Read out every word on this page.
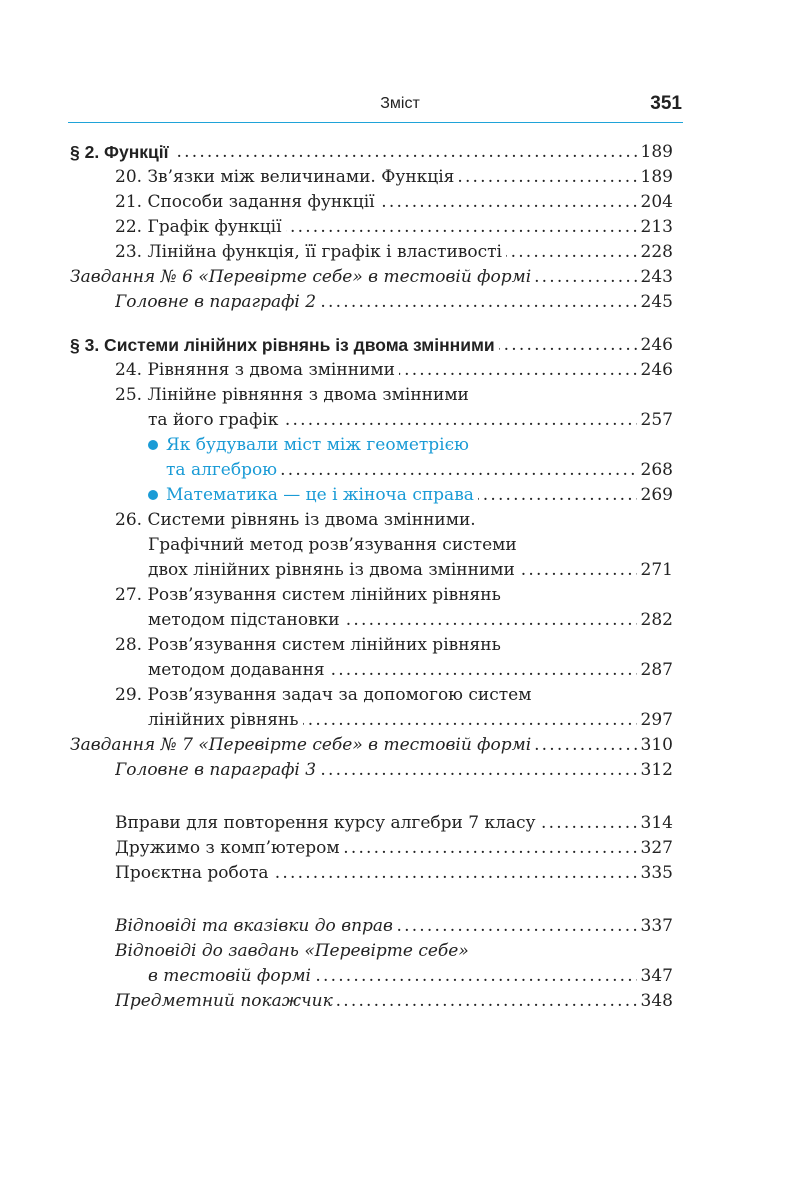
Зміст	351
§ 2. Функції	189
. . .
20. Зв’язки між величинами. Функція	189
. . .
21. Способи задання функції	204
. . .
22. Графік функції	213
. . .
23. Лінійна функція, її графік і властивості	228
. . .
Завдання № 6 «Перевірте себе» в тестовій формі	243
. . .
Головне в параграфі 2	245
. . .
§ 3. Системи лінійних рівнянь із двома змінними	246
. . .
24. Рівняння з двома змінними	246
. . .
25. Лінійне рівняння з двома змінними
та його графік	257
. . .
Як будували міст між геометрією
та алгеброю	268
. . .
Математика — це і жіноча справа	269
. . .
26. Системи рівнянь із двома змінними.
Графічний метод розв’язування системи
двох лінійних рівнянь із двома змінними	271
. . .
27. Розв’язування систем лінійних рівнянь
методом підстановки	282
. . .
28. Розв’язування систем лінійних рівнянь
методом додавання	287
. . .
29. Розв’язування задач за допомогою систем
лінійних рівнянь	297
. . .
Завдання № 7 «Перевірте себе» в тестовій формі	310
. . .
Головне в параграфі 3	312
. . .
Вправи для повторення курсу алгебри 7 класу	314
. . .
Дружимо з комп’ютером	327
. . .
Проєктна робота	335
. . .
Відповіді та вказівки до вправ	337
. . .
Відповіді до завдань «Перевірте себе»
в тестовій формі	347
. . .
Предметний покажчик	348
. . .
